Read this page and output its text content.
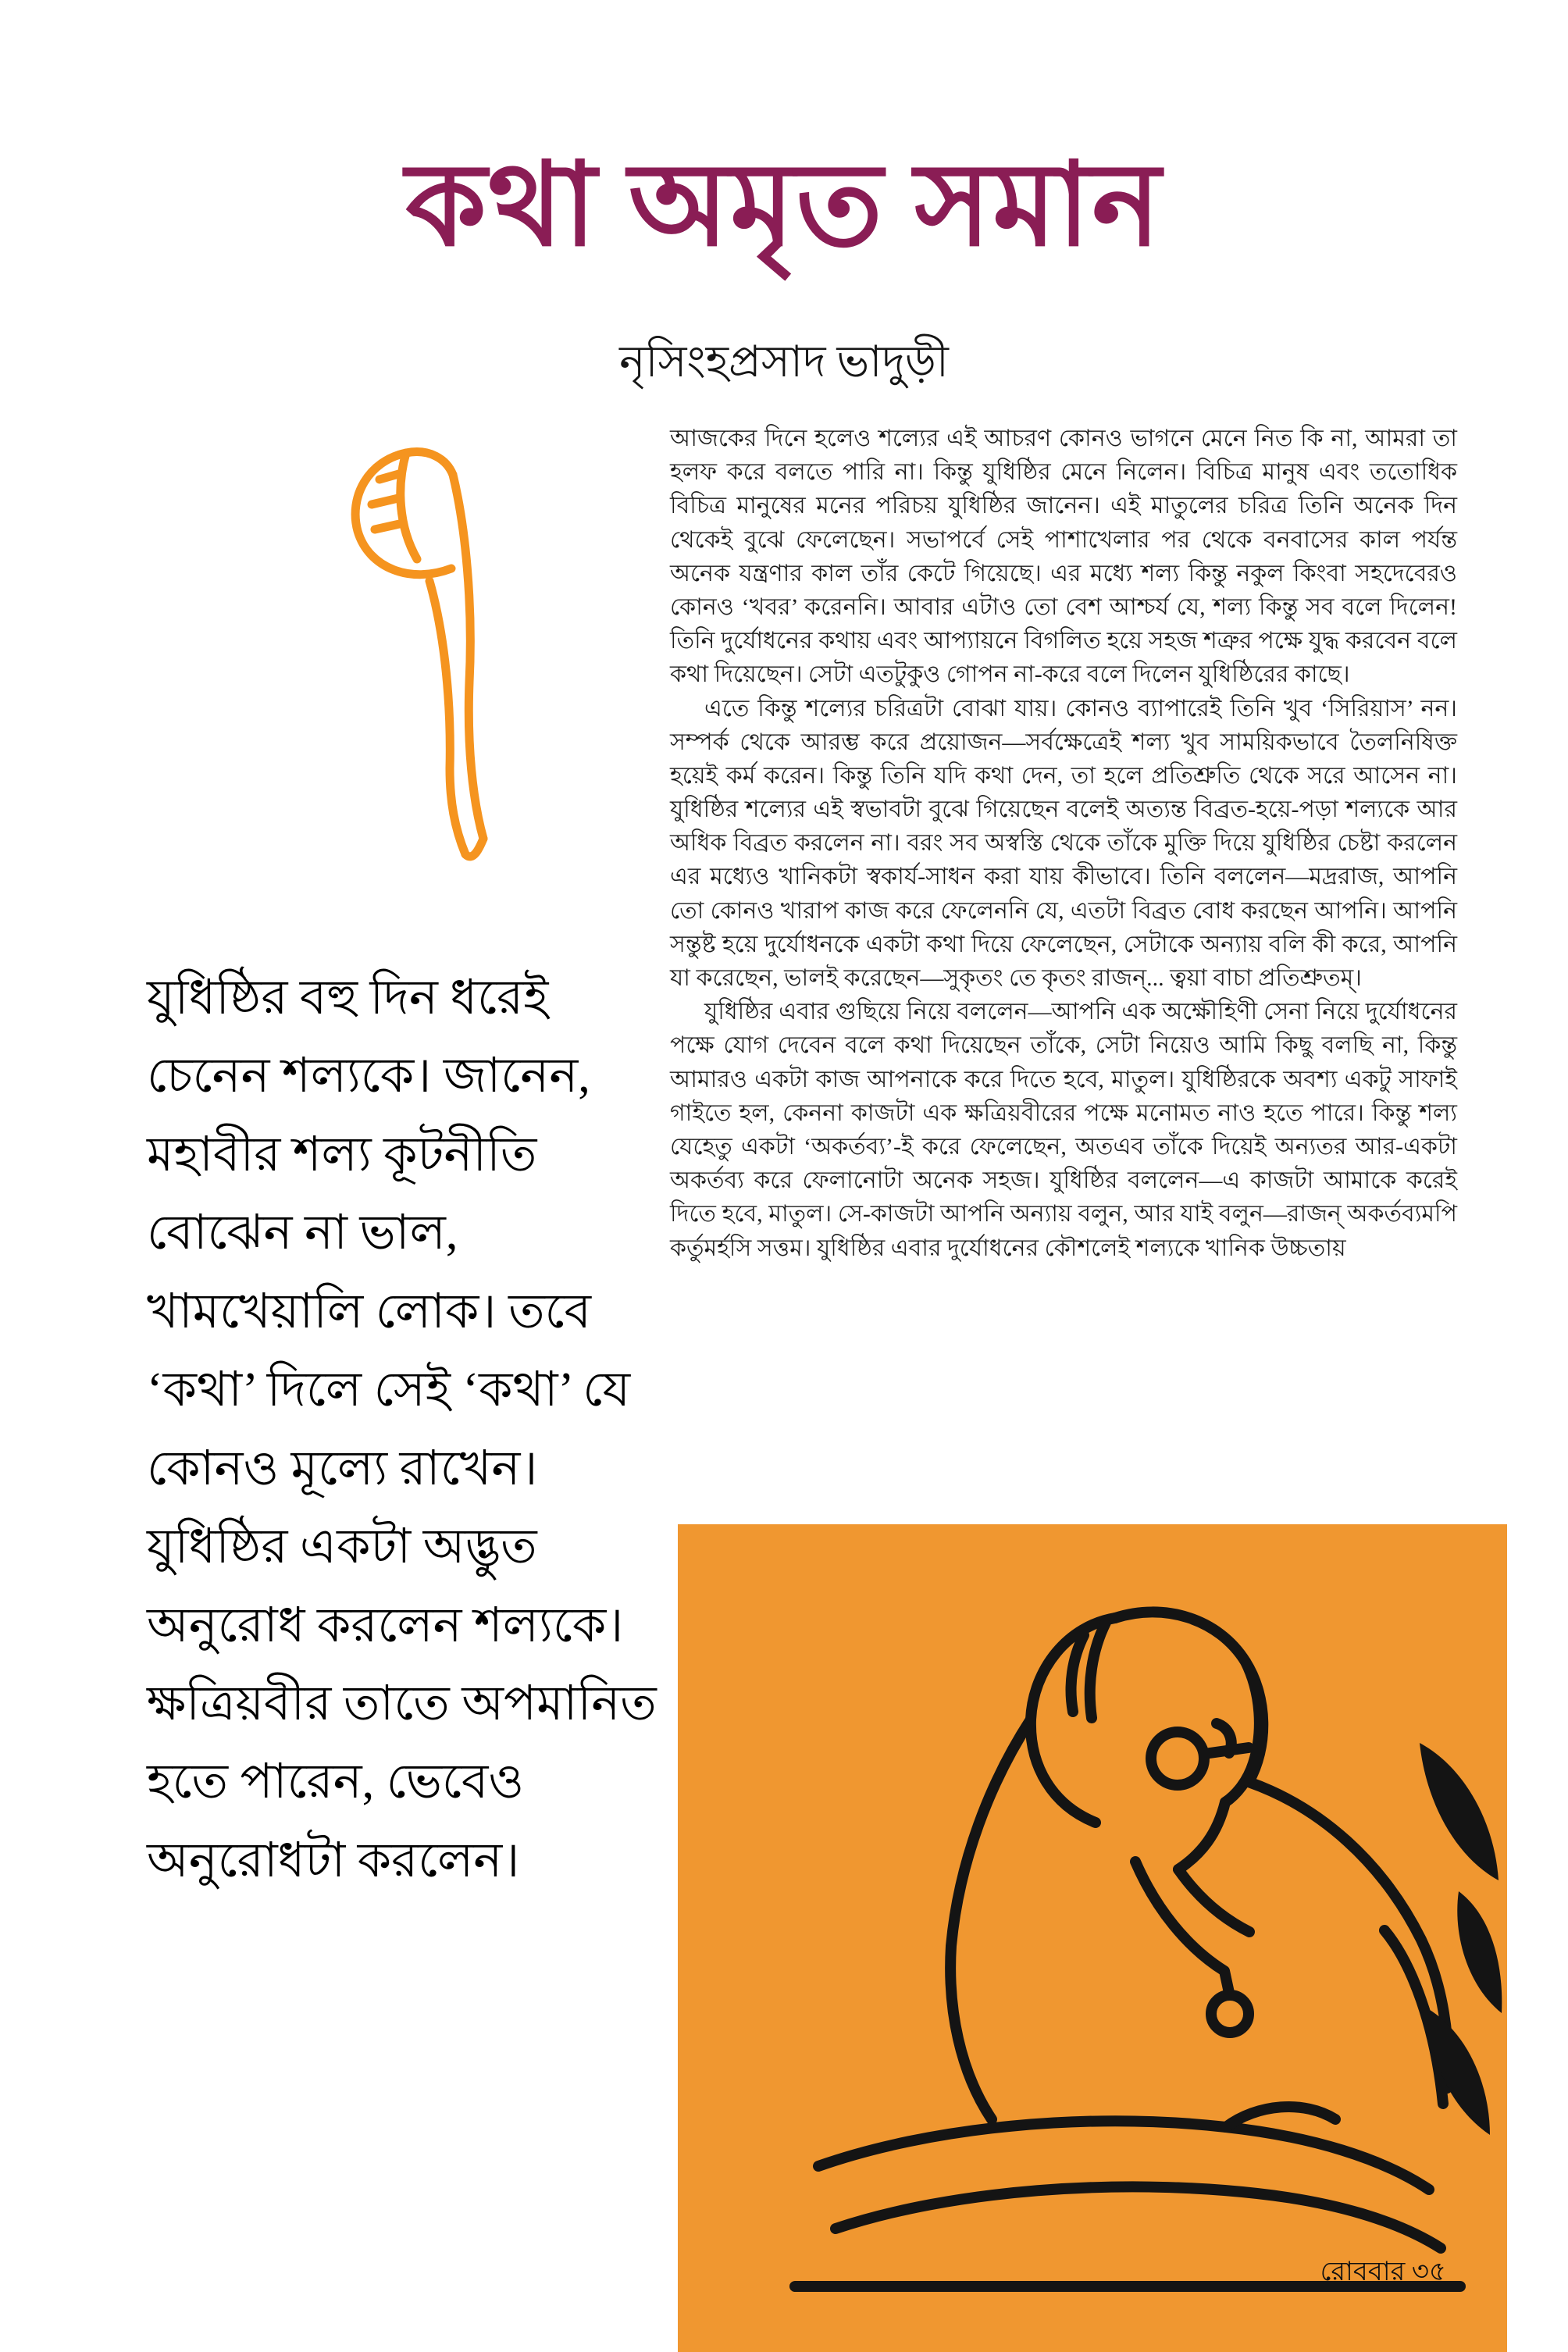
কথা অমৃত সমান
নৃসিংহপ্রসাদ ভাদুড়ী

আজকের দিনে হলেও শল্যের এই আচরণ কোনও ভাগনে মেনে নিত কি না, আমরা তা হলফ করে বলতে পারি না। কিন্তু যুধিষ্ঠির মেনে নিলেন। বিচিত্র মানুষ এবং ততোধিক বিচিত্র মানুষের মনের পরিচয় যুধিষ্ঠির জানেন। এই মাতুলের চরিত্র তিনি অনেক দিন থেকেই বুঝে ফেলেছেন। সভাপর্বে সেই পাশাখেলার পর থেকে বনবাসের কাল পর্যন্ত অনেক যন্ত্রণার কাল তাঁর কেটে গিয়েছে। এর মধ্যে শল্য কিন্তু নকুল কিংবা সহদেবেরও কোনও ‘খবর’ করেননি। আবার এটাও তো বেশ আশ্চর্য যে, শল্য কিন্তু সব বলে দিলেন! তিনি দুর্যোধনের কথায় এবং আপ্যায়নে বিগলিত হয়ে সহজ শত্রুর পক্ষে যুদ্ধ করবেন বলে কথা দিয়েছেন। সেটা এতটুকুও গোপন না-করে বলে দিলেন যুধিষ্ঠিরের কাছে।

এতে কিন্তু শল্যের চরিত্রটা বোঝা যায়। কোনও ব্যাপারেই তিনি খুব ‘সিরিয়াস’ নন। সম্পর্ক থেকে আরম্ভ করে প্রয়োজন—সর্বক্ষেত্রেই শল্য খুব সাময়িকভাবে তৈলনিষিক্ত হয়েই কর্ম করেন। কিন্তু তিনি যদি কথা দেন, তা হলে প্রতিশ্রুতি থেকে সরে আসেন না। যুধিষ্ঠির শল্যের এই স্বভাবটা বুঝে গিয়েছেন বলেই অত্যন্ত বিব্রত-হয়ে-পড়া শল্যকে আর অধিক বিব্রত করলেন না। বরং সব অস্বস্তি থেকে তাঁকে মুক্তি দিয়ে যুধিষ্ঠির চেষ্টা করলেন এর মধ্যেও খানিকটা স্বকার্য-সাধন করা যায় কীভাবে। তিনি বললেন—মদ্ররাজ, আপনি তো কোনও খারাপ কাজ করে ফেলেননি যে, এতটা বিব্রত বোধ করছেন আপনি। আপনি সন্তুষ্ট হয়ে দুর্যোধনকে একটা কথা দিয়ে ফেলেছেন, সেটাকে অন্যায় বলি কী করে, আপনি যা করেছেন, ভালই করেছেন—সুকৃতং তে কৃতং রাজন্‌... ত্বয়া বাচা প্রতিশ্রুতম্।

যুধিষ্ঠির এবার গুছিয়ে নিয়ে বললেন—আপনি এক অক্ষৌহিণী সেনা নিয়ে দুর্যোধনের পক্ষে যোগ দেবেন বলে কথা দিয়েছেন তাঁকে, সেটা নিয়েও আমি কিছু বলছি না, কিন্তু আমারও একটা কাজ আপনাকে করে দিতে হবে, মাতুল। যুধিষ্ঠিরকে অবশ্য একটু সাফাই গাইতে হল, কেননা কাজটা এক ক্ষত্রিয়বীরের পক্ষে মনোমত নাও হতে পারে। কিন্তু শল্য যেহেতু একটা ‘অকর্তব্য’-ই করে ফেলেছেন, অতএব তাঁকে দিয়েই অন্যতর আর-একটা অকর্তব্য করে ফেলানোটা অনেক সহজ। যুধিষ্ঠির বললেন—এ কাজটা আমাকে করেই দিতে হবে, মাতুল। সে-কাজটা আপনি অন্যায় বলুন, আর যাই বলুন—রাজন্‌ অকর্তব্যমপি কর্তুমর্হসি সত্তম। যুধিষ্ঠির এবার দুর্যোধনের কৌশলেই শল্যকে খানিক উচ্চতায়

যুধিষ্ঠির বহু দিন ধরেই চেনেন শল্যকে। জানেন, মহাবীর শল্য কূটনীতি বোঝেন না ভাল, খামখেয়ালি লোক। তবে ‘কথা’ দিলে সেই ‘কথা’ যে কোনও মূল্যে রাখেন। যুধিষ্ঠির একটা অদ্ভুত অনুরোধ করলেন শল্যকে। ক্ষত্রিয়বীর তাতে অপমানিত হতে পারেন, ভেবেও অনুরোধটা করলেন।
রোববার ৩৫
